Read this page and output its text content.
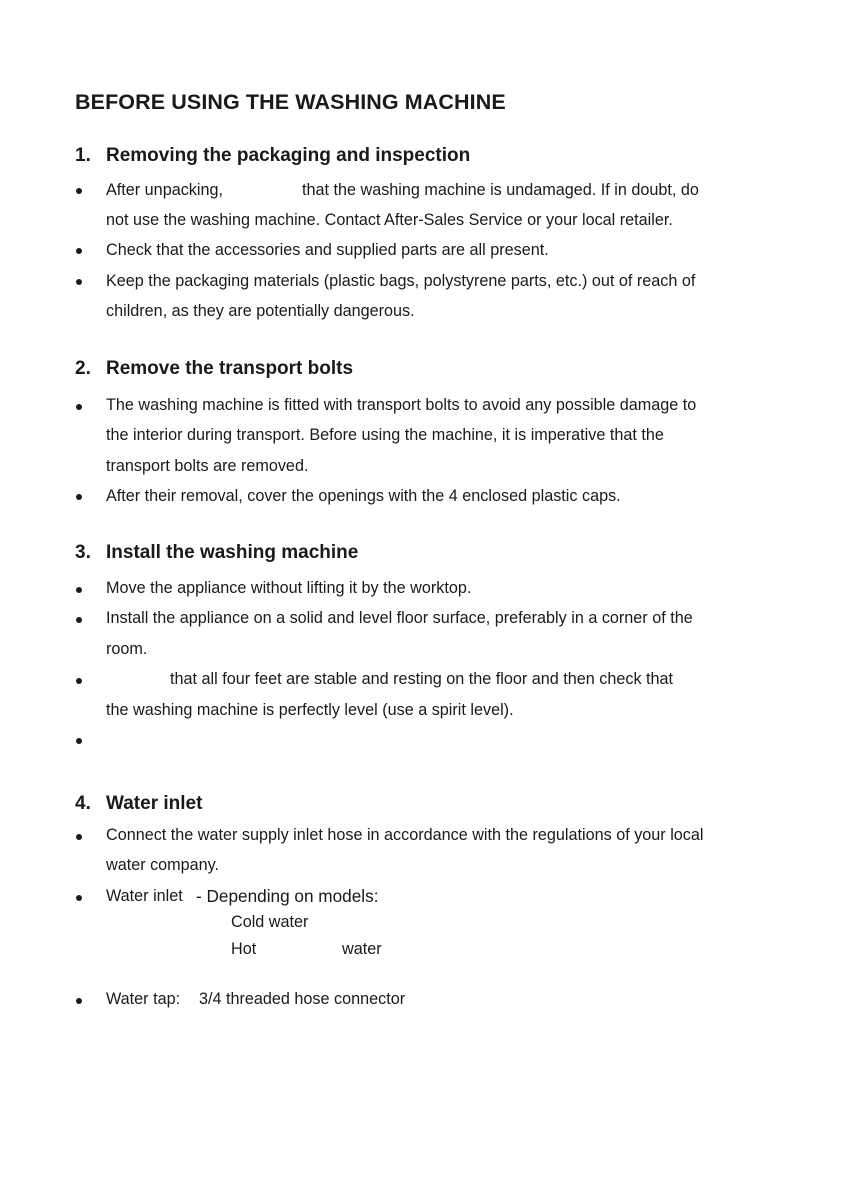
BEFORE USING THE WASHING MACHINE
1. Removing the packaging and inspection
After unpacking,	that the washing machine is undamaged. If in doubt, do
not use the washing machine. Contact After-Sales Service or your local retailer.
Check that the accessories and supplied parts are all present.
Keep the packaging materials (plastic bags, polystyrene parts, etc.) out of reach of
children, as they are potentially dangerous.
2. Remove the transport bolts
The washing machine is fitted with transport bolts to avoid any possible damage to
the interior during transport. Before using the machine, it is imperative that the
transport bolts are removed.
After their removal, cover the openings with the 4 enclosed plastic caps.
3. Install the washing machine
Move the appliance without lifting it by the worktop.
Install the appliance on a solid and level floor surface, preferably in a corner of the
room.
that all four feet are stable and resting on the floor and then check that
the washing machine is perfectly level (use a spirit level).
4. Water inlet
Connect the water supply inlet hose in accordance with the regulations of your local
water company.
Water inlet - Depending on models:
Cold water
Hot	water
Water tap: 3/4 threaded hose connector
